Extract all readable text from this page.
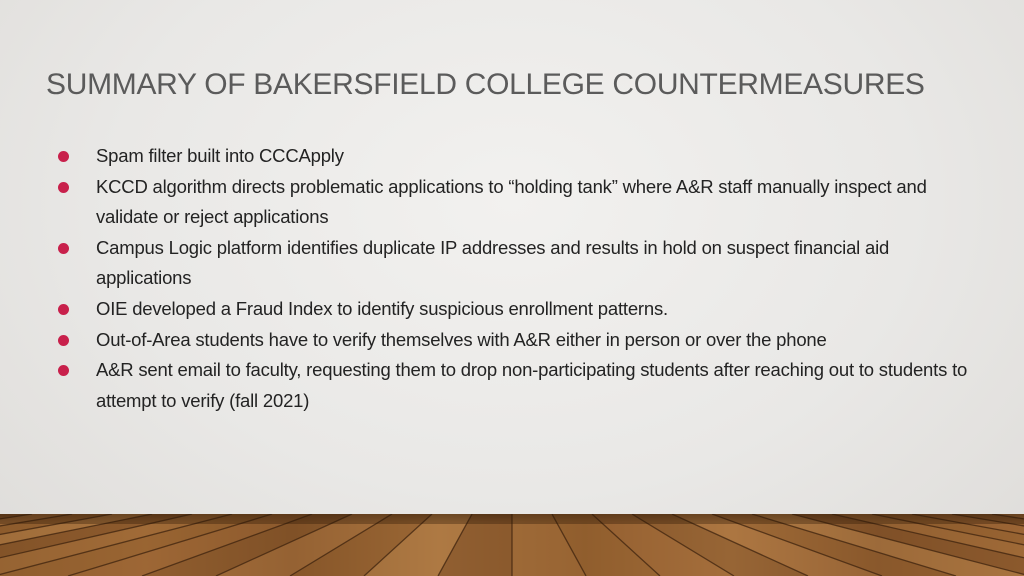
SUMMARY OF BAKERSFIELD COLLEGE COUNTERMEASURES
Spam filter built into CCCApply
KCCD algorithm directs problematic applications to “holding tank” where A&R staff manually inspect and validate or reject applications
Campus Logic platform identifies duplicate IP addresses and results in hold on suspect financial aid applications
OIE developed a Fraud Index to identify suspicious enrollment patterns.
Out-of-Area students have to verify themselves with A&R either in person or over the phone
A&R sent email to faculty, requesting them to drop non-participating students after reaching out to students to attempt to verify (fall 2021)
